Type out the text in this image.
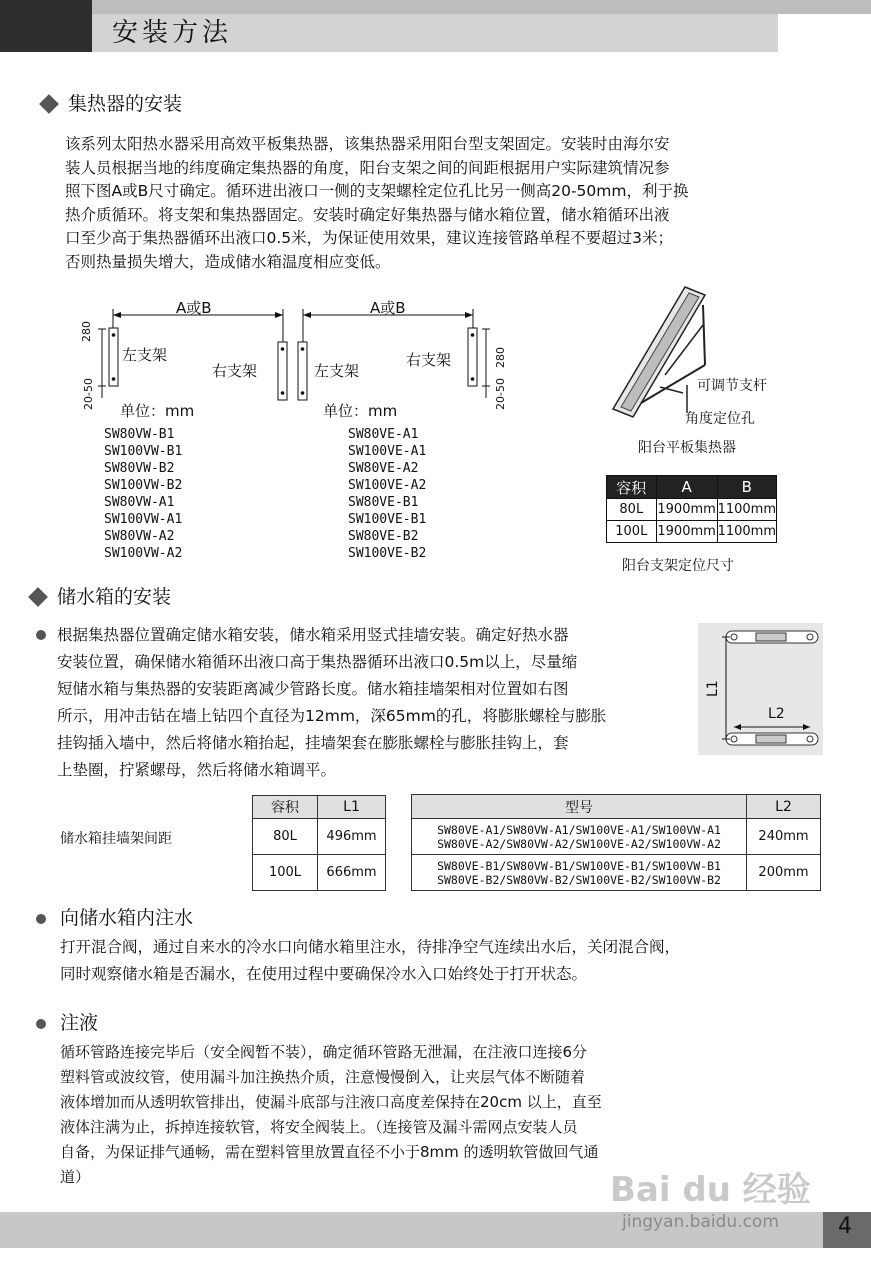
安装方法
集热器的安装
该系列太阳热水器采用高效平板集热器，该集热器采用阳台型支架固定。安装时由海尔安
装人员根据当地的纬度确定集热器的角度，阳台支架之间的间距根据用户实际建筑情况参
照下图A或B尺寸确定。循环进出液口一侧的支架螺栓定位孔比另一侧高20-50mm，利于换
热介质循环。将支架和集热器固定。安装时确定好集热器与储水箱位置，储水箱循环出液
口至少高于集热器循环出液口0.5米，为保证使用效果，建议连接管路单程不要超过3米；
否则热量损失增大，造成储水箱温度相应变低。
A或B
左支架
右支架
280
20-50
单位：mm
SW80VW-B1
SW100VW-B1
SW80VW-B2
SW100VW-B2
SW80VW-A1
SW100VW-A1
SW80VW-A2
SW100VW-A2
A或B
左支架
右支架	280
20-50
单位：mm
SW80VE-A1
SW100VE-A1
SW80VE-A2
SW100VE-A2
SW80VE-B1
SW100VE-B1
SW80VE-B2
SW100VE-B2
可调节支杆
角度定位孔
阳台平板集热器
容积	A	B
80L	1900mm	1100mm
100L	1900mm	1100mm
阳台支架定位尺寸
储水箱的安装
根据集热器位置确定储水箱安装，储水箱采用竖式挂墙安装。确定好热水器
安装位置，确保储水箱循环出液口高于集热器循环出液口0.5m以上，尽量缩
短储水箱与集热器的安装距离减少管路长度。储水箱挂墙架相对位置如右图
所示，用冲击钻在墙上钻四个直径为12mm，深65mm的孔，将膨胀螺栓与膨胀
挂钩插入墙中，然后将储水箱抬起，挂墙架套在膨胀螺栓与膨胀挂钩上，套
上垫圈，拧紧螺母，然后将储水箱调平。
L1
L2
储水箱挂墙架间距
容积	L1
80L	496mm
100L	666mm
型号	L2

SW80VE-A1/SW80VW-A1/SW100VE-A1/SW100VW-A1
SW80VE-A2/SW80VW-A2/SW100VE-A2/SW100VW-A2	240mm

SW80VE-B1/SW80VW-B1/SW100VE-B1/SW100VW-B1
SW80VE-B2/SW80VW-B2/SW100VE-B2/SW100VW-B2	200mm
向储水箱内注水
打开混合阀，通过自来水的冷水口向储水箱里注水，待排净空气连续出水后，关闭混合阀，
同时观察储水箱是否漏水，在使用过程中要确保冷水入口始终处于打开状态。
注液
循环管路连接完毕后（安全阀暂不装），确定循环管路无泄漏，在注液口连接6分
塑料管或波纹管，使用漏斗加注换热介质，注意慢慢倒入，让夹层气体不断随着
液体增加而从透明软管排出，使漏斗底部与注液口高度差保持在20cm 以上，直至
液体注满为止，拆掉连接软管，将安全阀装上。（连接管及漏斗需网点安装人员
自备，为保证排气通畅，需在塑料管里放置直径不小于8mm 的透明软管做回气通
道）	Bai du 经验
jingyan.baidu.com	4
